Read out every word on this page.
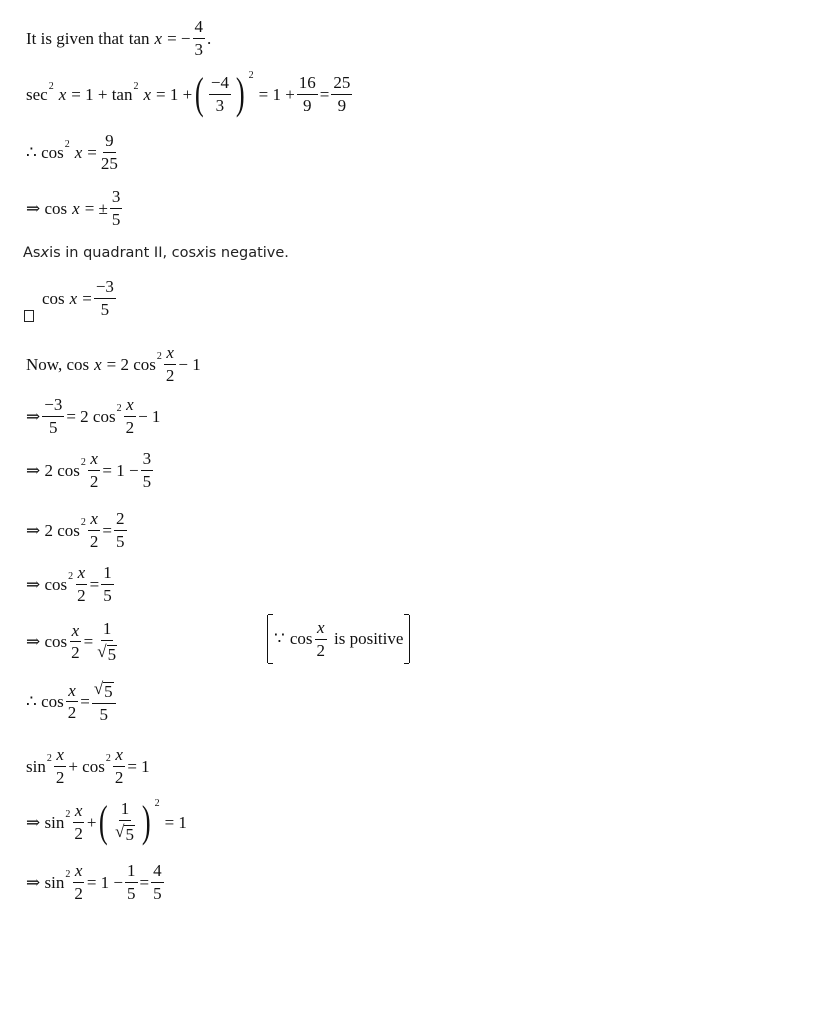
It is given that tan x = − $\frac{4}{3}$ .
$\sec^2 x = 1 + \tan^2 x = 1$ + ( $\frac{-4}{3}$ ) $^2$
= $1 + \frac{16}{9} = \frac{25}{9}$
∴ $\cos^2 x = \frac{9}{25}$
⇒ cos x = ± $\frac{3}{5}$
As x is in quadrant II, cos x is negative.
$\cos x = \frac{-3}{5}$
Now, cos x = 2 $\cos^2 \frac{x}{2} - 1$
⇒ $\frac{-3}{5} = 2$ $\cos^2 \frac{x}{2} - 1$
⇒ 2 $\cos^2 \frac{x}{2} = 1 - \frac{3}{5}$
⇒ 2 $\cos^2 \frac{x}{2} = \frac{2}{5}$
⇒ $\cos^2 \frac{x}{2} = \frac{1}{5}$
⇒ $\cos \frac{x}{2} = \frac{1}{√ 5}$	∵ $\cos \frac{x}{2}$ is positive
∴ $\cos \frac{x}{2} = \frac{√ 5}{5}$
$\sin^2 \frac{x}{2} + \cos^2 \frac{x}{2} = 1$
⇒ $\sin^2 \frac{x}{2}$ + ( $\frac{1}{√ 5}$ ) $^2$
= 1
⇒ $\sin^2 \frac{x}{2} = 1 - \frac{1}{5} = \frac{4}{5}$
